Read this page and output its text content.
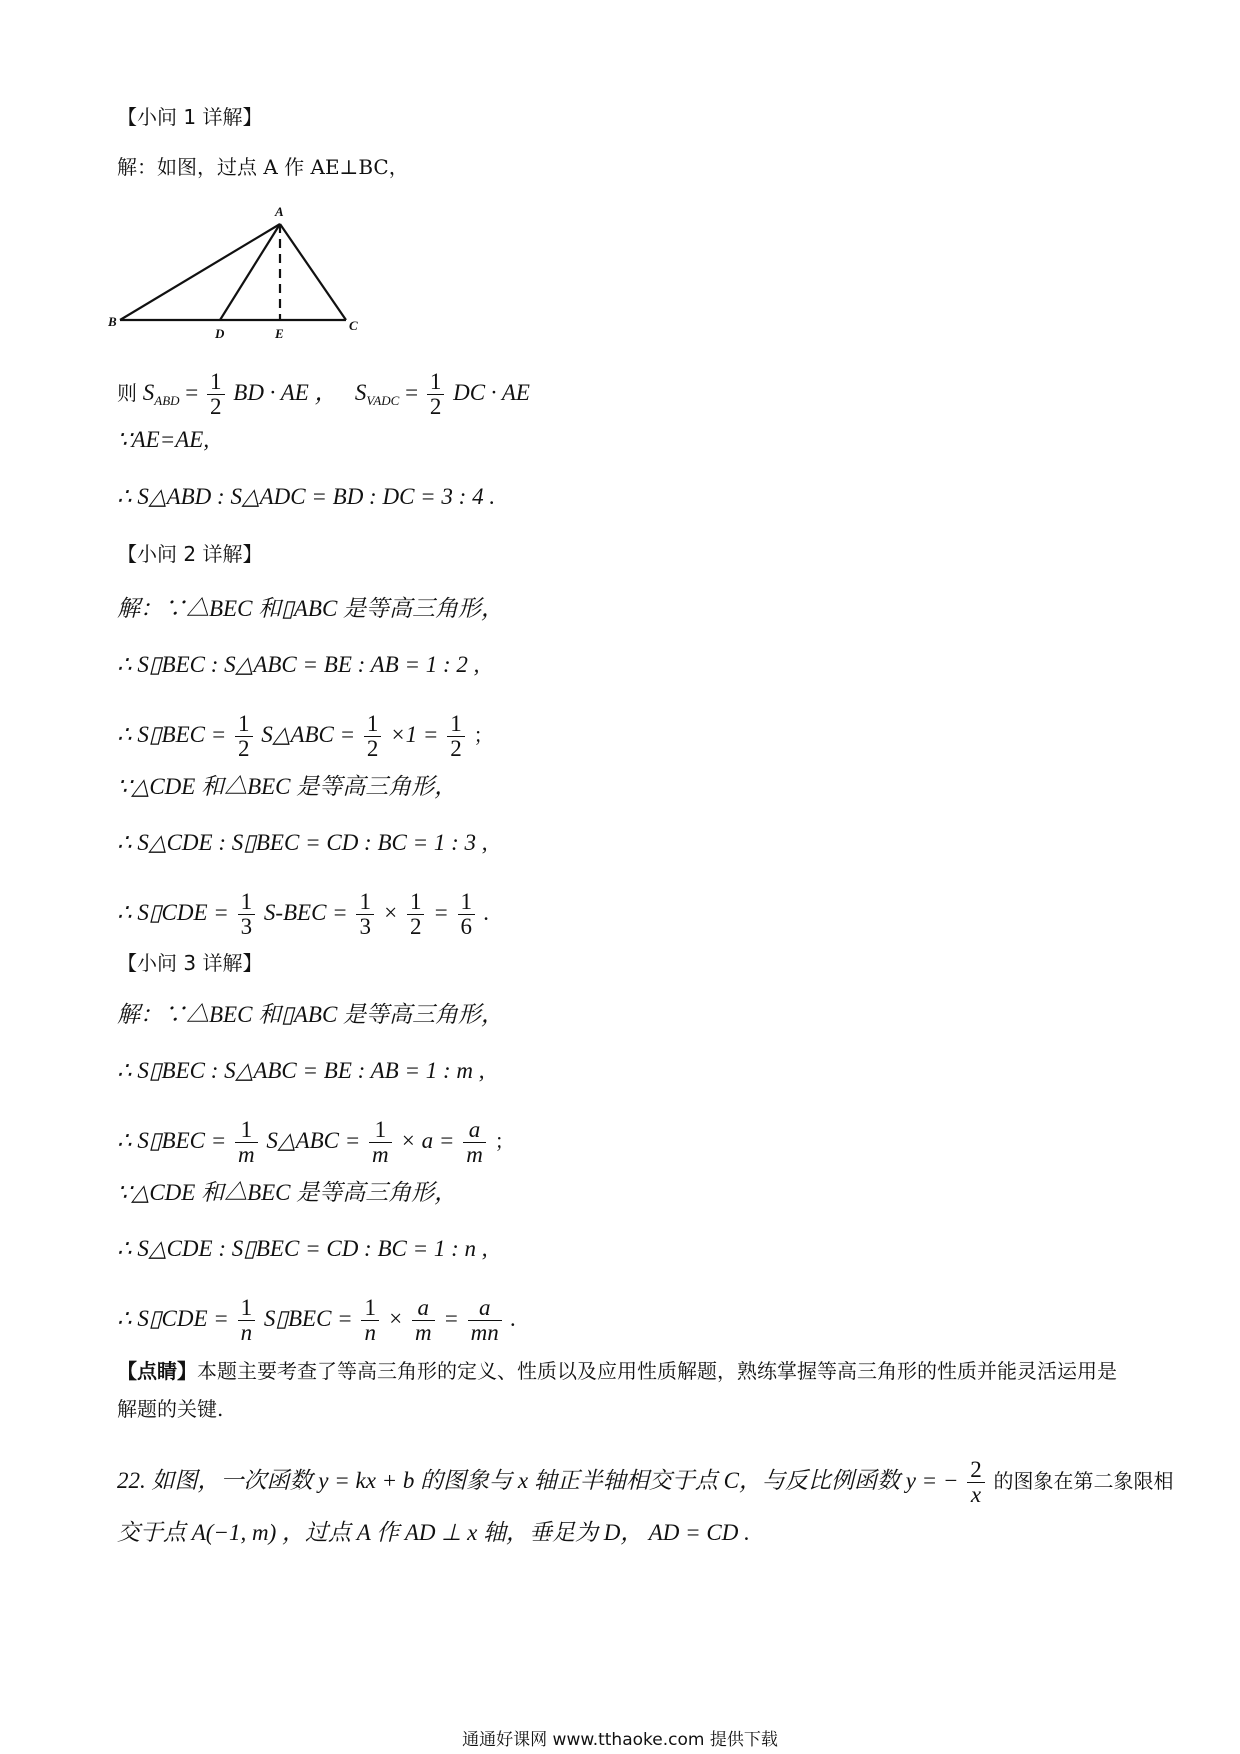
【小问 1 详解】
解：如图，过点 A 作 AE⊥BC，
A
B	C
D	E
则 $S_{ABD} = \frac{1}{2}$ BD · AE ， $S_{VADC} = \frac{1}{2}$ DC · AE
∵AE=AE,
∴ S△ABD : S△ADC = BD : DC = 3 : 4 .
【小问 2 详解】
解：∵△BEC 和▯ABC 是等高三角形，
∴ S▯BEC : S△ABC = BE : AB = 1 : 2 ,
∴ S▯BEC = $\frac{1}{2}$ S△ABC = $\frac{1}{2} \times 1 = \frac{1}{2}$ ；
∵△CDE 和△BEC 是等高三角形，
∴ S△CDE : S▯BEC = CD : BC = 1 : 3 ,
∴ S▯CDE = $\frac{1}{3} S-BEC = \frac{1}{3} \times \frac{1}{2} = \frac{1}{6}$ .
【小问 3 详解】
解：∵△BEC 和▯ABC 是等高三角形，
∴ S▯BEC : S△ABC = BE : AB = 1 : m ,
∴ S▯BEC = $\frac{1}{m}$ S△ABC = $\frac{1}{m} \times a = \frac{a}{m}$ ；
∵△CDE 和△BEC 是等高三角形，
∴ S△CDE : S▯BEC = CD : BC = 1 : n ,
∴ S▯CDE = $\frac{1}{n}$ S▯BEC = $\frac{1}{n} \times \frac{a}{m} = \frac{a}{mn}$ .
【点睛】本题主要考查了等高三角形的定义、性质以及应用性质解题，熟练掌握等高三角形的性质并能灵活运用是解题的关键.
22. 如图，一次函数 y = kx + b 的图象与 x 轴正半轴相交于点 C，与反比例函数 y = − $\frac{2}{x}$ 的图象在第二象限相
交于点 A(−1, m) ，过点 A 作 AD ⊥ x 轴，垂足为 D， AD = CD .
通通好课网 www.tthaoke.com 提供下载
